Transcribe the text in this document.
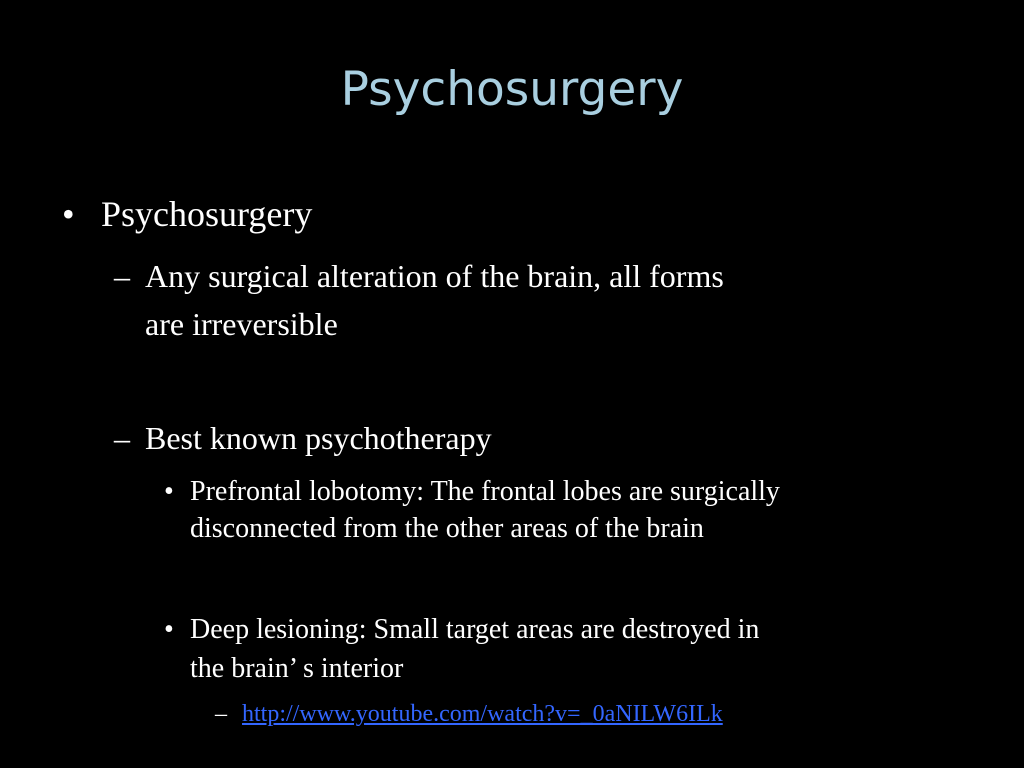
Psychosurgery
• Psychosurgery
– Any surgical alteration of the brain, all forms
are irreversible
– Best known psychotherapy
• Prefrontal lobotomy: The frontal lobes are surgically
disconnected from the other areas of the brain
• Deep lesioning: Small target areas are destroyed in
the brain’ s interior
– http://www.youtube.com/watch?v=_0aNILW6ILk
